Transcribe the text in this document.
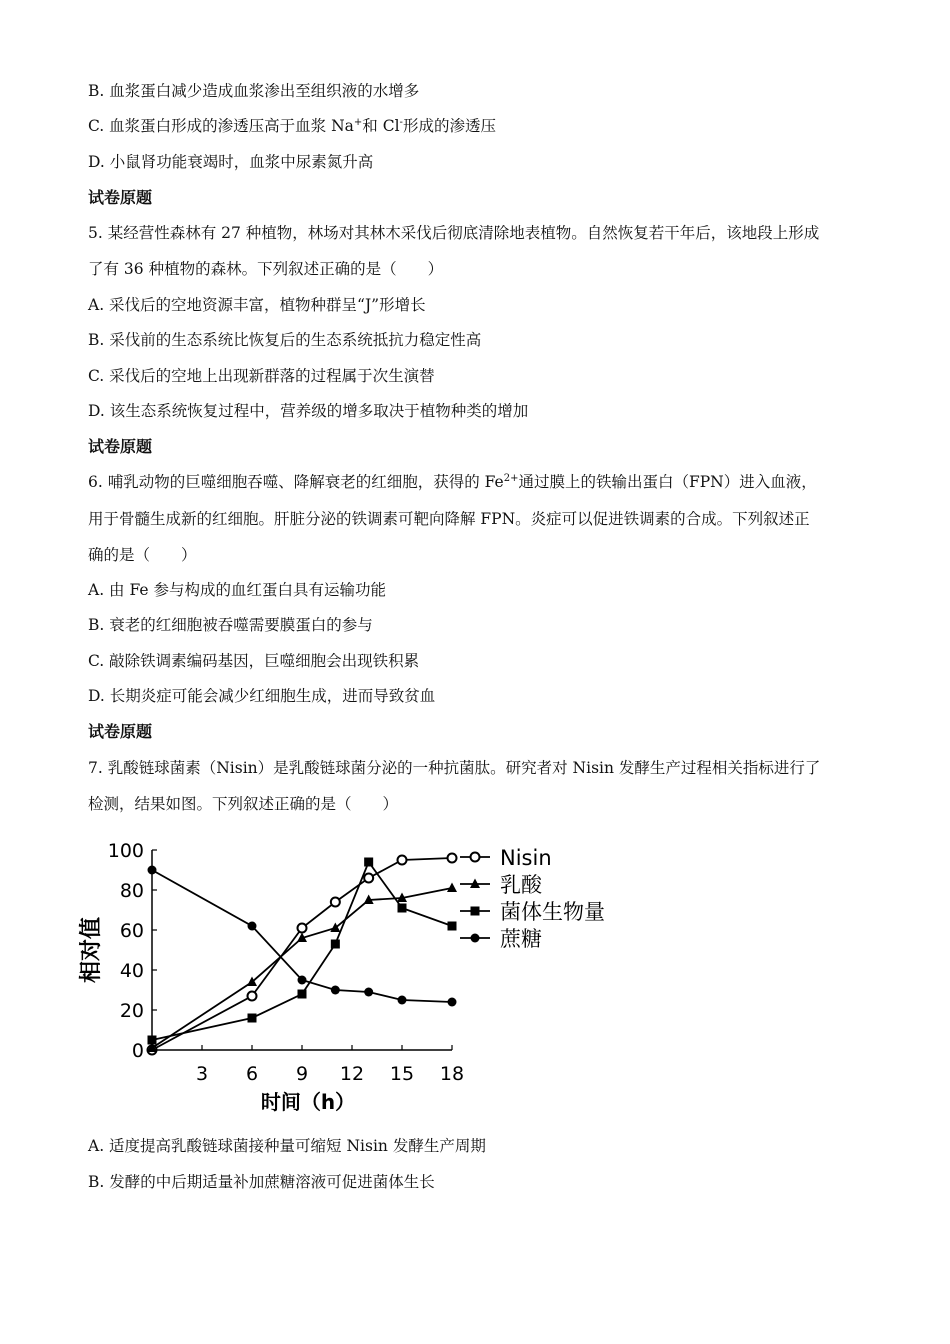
B. 血浆蛋白减少造成血浆渗出至组织液的水增多
C. 血浆蛋白形成的渗透压高于血浆 Na+和 Cl-形成的渗透压
D. 小鼠肾功能衰竭时，血浆中尿素氮升高
试卷原题
5. 某经营性森林有 27 种植物，林场对其林木采伐后彻底清除地表植物。自然恢复若干年后，该地段上形成
了有 36 种植物的森林。下列叙述正确的是（　　）
A. 采伐后的空地资源丰富，植物种群呈“J”形增长
B. 采伐前的生态系统比恢复后的生态系统抵抗力稳定性高
C. 采伐后的空地上出现新群落的过程属于次生演替
D. 该生态系统恢复过程中，营养级的增多取决于植物种类的增加
试卷原题
6. 哺乳动物的巨噬细胞吞噬、降解衰老的红细胞，获得的 $Fe^{2+}$通过膜上的铁输出蛋白（FPN）进入血液，
用于骨髓生成新的红细胞。肝脏分泌的铁调素可靶向降解 FPN。炎症可以促进铁调素的合成。下列叙述正
确的是（　　）
A. 由 Fe 参与构成的血红蛋白具有运输功能
B. 衰老的红细胞被吞噬需要膜蛋白的参与
C. 敲除铁调素编码基因，巨噬细胞会出现铁积累
D. 长期炎症可能会减少红细胞生成，进而导致贫血
试卷原题
7. 乳酸链球菌素（Nisin）是乳酸链球菌分泌的一种抗菌肽。研究者对 Nisin 发酵生产过程相关指标进行了
检测，结果如图。下列叙述正确的是（　　）
0
20
40
60
80
100
3 6 9 12 15 18
相对值
时间（h）
Nisin
乳酸
菌体生物量
蔗糖
A. 适度提高乳酸链球菌接种量可缩短 Nisin 发酵生产周期
B. 发酵的中后期适量补加蔗糖溶液可促进菌体生长
